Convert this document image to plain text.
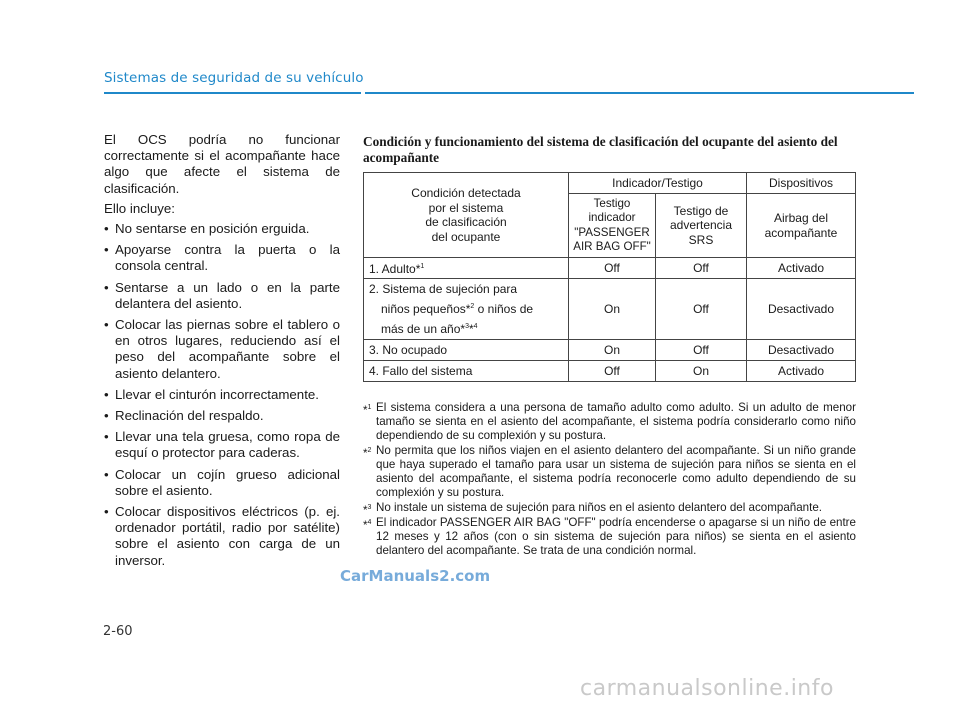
Sistemas de seguridad de su vehículo

El OCS podría no funcionar correctamente si el acompañante hace algo que afecte el sistema de clasificación.

Ello incluye:

• No sentarse en posición erguida.
• Apoyarse contra la puerta o la consola central.
• Sentarse a un lado o en la parte delantera del asiento.
• Colocar las piernas sobre el tablero o en otros lugares, reduciendo así el peso del acompañante sobre el asiento delantero.
• Llevar el cinturón incorrectamente.
• Reclinación del respaldo.
• Llevar una tela gruesa, como ropa de esquí o protector para caderas.
• Colocar un cojín grueso adicional sobre el asiento.
• Colocar dispositivos eléctricos (p. ej. ordenador portátil, radio por satélite) sobre el asiento con carga de un inversor.

Condición y funcionamiento del sistema de clasificación del ocupante del asiento del acompañante

Condición detectada
por el sistema
de clasificación
del ocupante	Indicador/Testigo		Dispositivos
	Testigo
indicador
"PASSENGER
AIR BAG OFF"	Testigo de
advertencia
SRS	Airbag del
acompañante
1. Adulto*$^1$	Off	Off	Activado

2. Sistema de sujeción para
niños pequeños*$^2$ o niños de
más de un año*$^3$*$^4$	On	Off	Desactivado
3. No ocupado	On	Off	Desactivado
4. Fallo del sistema	Off	On	Activado
*$^1$ El sistema considera a una persona de tamaño adulto como adulto. Si un adulto de menor tamaño se sienta en el asiento del acompañante, el sistema podría considerarlo como niño dependiendo de su complexión y su postura.
*$^2$ No permita que los niños viajen en el asiento delantero del acompañante. Si un niño grande que haya superado el tamaño para usar un sistema de sujeción para niños se sienta en el asiento del acompañante, el sistema podría reconocerle como adulto dependiendo de su complexión y su postura.
*$^3$ No instale un sistema de sujeción para niños en el asiento delantero del acompañante.
*$^4$ El indicador PASSENGER AIR BAG "OFF" podría encenderse o apagarse si un niño de entre 12 meses y 12 años (con o sin sistema de sujeción para niños) se sienta en el asiento delantero del acompañante. Se trata de una condición normal.
CarManuals2.com
2-60
carmanualsonline.info
